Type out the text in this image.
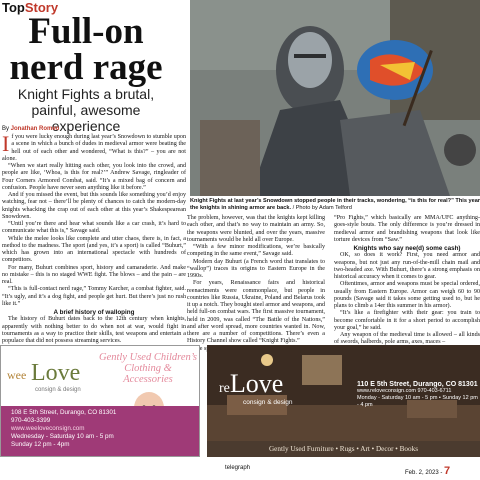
TopStory
Full-on
nerd rage
Knight Fights a brutal,
painful, awesome experience
By Jonathan Romeo
Knight Fights at last year’s Snowdown stopped people in their tracks, wondering, “is this for real?” This year the knights in shining armor are back. / Photo by Adam Telford

If you were lucky enough during last year’s Snowdown to stumble upon a scene in which a bunch of dudes in medieval armor were beating the hell out of each other and wondered, “What is this?” – you are not alone.

“When we start really hitting each other, you look into the crowd, and people are like, ‘Whoa, is this for real?’” Andrew Savage, ringleader of Four Corners Armored Combat, said. “It’s a mixed bag of concern and confusion. People have never seen anything like it before.”

And if you missed the event, but this sounds like something you’d enjoy watching, fear not – there’ll be plenty of chances to catch the modern-day knights whacking the crap out of each other at this year’s Shakespearean Snowdown.

“Until you’re there and hear what sounds like a car crash, it’s hard to communicate what this is,” Savage said.

While the melee looks like complete and utter chaos, there is, in fact, a method to the madness. The sport (and yes, it’s a sport) is called “Buhurt,” which has grown into an international spectacle with hundreds of competitors.

For many, Buhurt combines sport, history and camaraderie. And make no mistake – this is no staged WWE fight. The blows – and the pain – are real.

“This is full-contact nerd rage,” Tommy Karcher, a combat fighter, said. “It’s ugly, and it’s a dog fight, and people get hurt. But there’s just no rush like it.”

A brief history of walloping

The history of Buhurt dates back to the 12th century when knights, apparently with nothing better to do when not at war, would fight in tournaments as a way to practice their skills, test weapons and entertain a populace that did not possess streaming services.

The problem, however, was that the knights kept killing each other, and that’s no way to maintain an army. So, the weapons were blunted, and over the years, massive tournaments would be held all over Europe.

“With a few minor modifications, we’re basically competing in the same event,” Savage said.

Modern day Buhurt (a French word that translates to “wallop”) traces its origins to Eastern Europe in the 1990s.

For years, Renaissance fairs and historical reenactments were commonplace, but people in countries like Russia, Ukraine, Poland and Belarus took it up a notch. They bought steel armor and weapons, and held full-on combat wars. The first massive tournament, held in 2009, was called “The Battle of the Nations,” and after word spread, more countries wanted in. Now, there are a number of competitions. There’s even a History Channel show called “Knight Fights.”

“Pro Fights,” which basically are MMA/UFC anything-goes-style bouts. The only difference is you’re dressed in medieval armor and brandishing weapons that look like torture devices from “Saw.”

Knights who say nee(d) some cash)

OK, so does it work? First, you need armor and weapons, but not just any run-of-the-mill chain mail and two-headed axe. With Buhurt, there’s a strong emphasis on historical accuracy when it comes to gear.

Oftentimes, armor and weapons must be special ordered, usually from Eastern Europe. Armor can weigh 60 to 90 pounds (Savage said it takes some getting used to, but he plans to climb a 14er this summer in his armor).

“It’s like a firefighter with their gear: you train to become comfortable in it for a short period to accomplish your goal,” he said.

Any weapon of the medieval time is allowed – all kinds of swords, halberds, pole arms, axes, maces –

wee Love
consign & design
Gently Used Children’s Clothing & Accessories
108 E 5th Street, Durango, CO 81301
970-403-3399
www.weeloveconsign.com
Wednesday - Saturday 10 am - 5 pm
Sunday 12 pm - 4pm
reLove
consign & design
110 E 5th Street, Durango, CO 81301
www.reloveconsign.com 970-403-6711
Monday - Saturday 10 am - 5 pm • Sunday 12 pm - 4 pm
Gently Used Furniture • Rugs • Art • Decor • Books
telegraph
Feb. 2, 2023 - 7
